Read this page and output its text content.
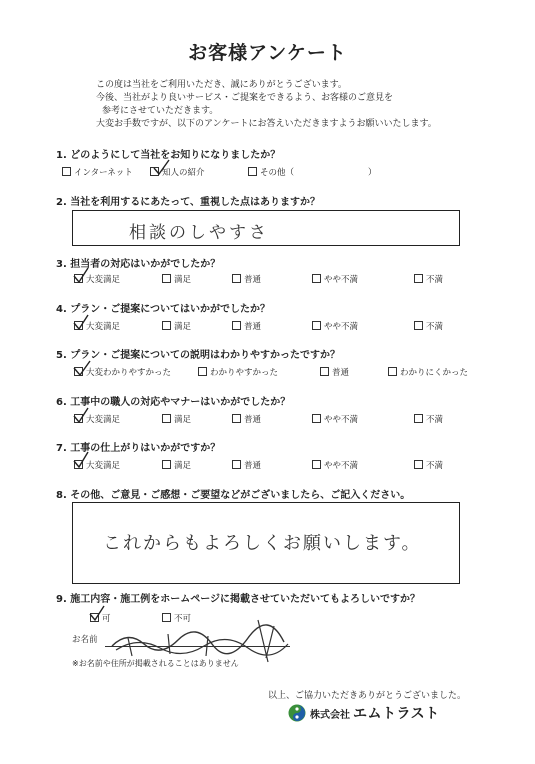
お客様アンケート
この度は当社をご利用いただき、誠にありがとうございます。
今後、当社がより良いサービス・ご提案をできるよう、お客様のご意見を
参考にさせていただきます。
大変お手数ですが、以下のアンケートにお答えいただきますようお願いいたします。
1. どのようにして当社をお知りになりましたか？
インターネット	知人の紹介	その他（	）
2. 当社を利用するにあたって、重視した点はありますか？
相談のしやすさ
3. 担当者の対応はいかがでしたか？
大変満足	満足	普通	やや不満	不満
4. プラン・ご提案についてはいかがでしたか？
大変満足	満足	普通	やや不満	不満
5. プラン・ご提案についての説明はわかりやすかったですか？
大変わかりやすかった	わかりやすかった	普通	わかりにくかった
6. 工事中の職人の対応やマナーはいかがでしたか？
大変満足	満足	普通	やや不満	不満
7. 工事の仕上がりはいかがですか？
大変満足	満足	普通	やや不満	不満
8. その他、ご意見・ご感想・ご要望などがございましたら、ご記入ください。
これからもよろしくお願いします。
9. 施工内容・施工例をホームページに掲載させていただいてもよろしいですか？
可	不可
お名前
※お名前や住所が掲載されることはありません
以上、ご協力いただきありがとうございました。
株式会社 エムトラスト
